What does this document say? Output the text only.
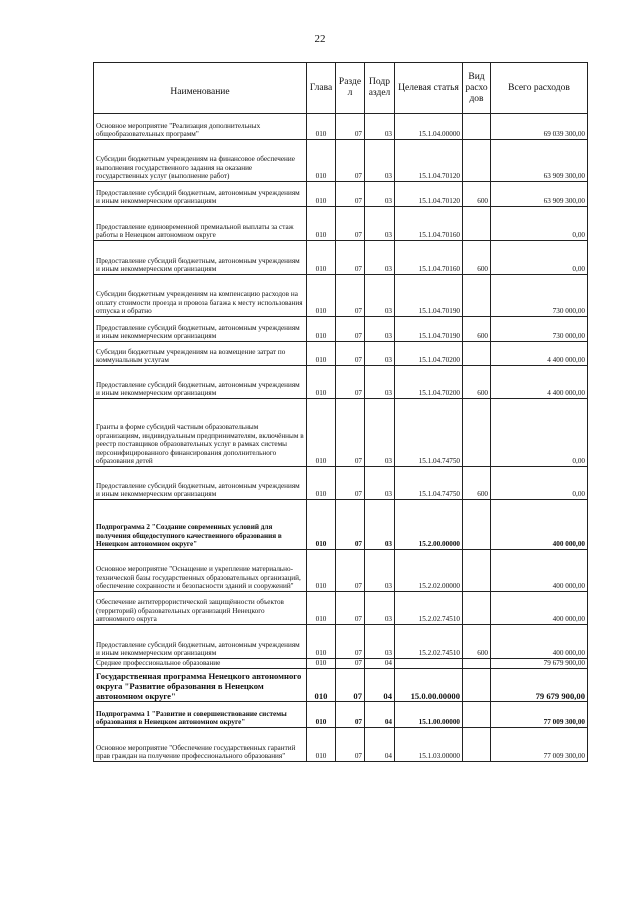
22
Наименование	Глава	Разде л	Подр аздел	Целевая статья	Вид расхо дов	Всего расходов
Основное мероприятие "Реализация дополнительных общеобразовательных программ"	010	07	03	15.1.04.00000		69 039 300,00
Субсидии бюджетным учреждениям на финансовое обеспечение выполнения государственного задания на оказание государственных услуг (выполнение работ)	010	07	03	15.1.04.70120		63 909 300,00
Предоставление субсидий бюджетным, автономным учреждениям и иным некоммерческим организациям	010	07	03	15.1.04.70120	600	63 909 300,00
Предоставление единовременной премиальной выплаты за стаж работы в Ненецком автономном округе	010	07	03	15.1.04.70160		0,00
Предоставление субсидий бюджетным, автономным учреждениям и иным некоммерческим организациям	010	07	03	15.1.04.70160	600	0,00
Субсидии бюджетным учреждениям на компенсацию расходов на оплату стоимости проезда и провоза багажа к месту использования отпуска и обратно	010	07	03	15.1.04.70190		730 000,00
Предоставление субсидий бюджетным, автономным учреждениям и иным некоммерческим организациям	010	07	03	15.1.04.70190	600	730 000,00
Субсидии бюджетным учреждениям на возмещение затрат по коммунальным услугам	010	07	03	15.1.04.70200		4 400 000,00
Предоставление субсидий бюджетным, автономным учреждениям и иным некоммерческим организациям	010	07	03	15.1.04.70200	600	4 400 000,00
Гранты в форме субсидий частным образовательным организациям, индивидуальным предпринимателям, включённым в реестр поставщиков образовательных услуг в рамках системы персонифицированного финансирования дополнительного образования детей	010	07	03	15.1.04.74750		0,00
Предоставление субсидий бюджетным, автономным учреждениям и иным некоммерческим организациям	010	07	03	15.1.04.74750	600	0,00
Подпрограмма 2 "Создание современных условий для получения общедоступного качественного образования в Ненецком автономном округе"	010	07	03	15.2.00.00000		400 000,00
Основное мероприятие "Оснащение и укрепление материально-технической базы государственных образовательных организаций, обеспечение сохранности и безопасности зданий и сооружений"	010	07	03	15.2.02.00000		400 000,00
Обеспечение антитеррористической защищённости объектов (территорий) образовательных организаций Ненецкого автономного округа	010	07	03	15.2.02.74510		400 000,00
Предоставление субсидий бюджетным, автономным учреждениям и иным некоммерческим организациям	010	07	03	15.2.02.74510	600	400 000,00
Среднее профессиональное образование	010	07	04			79 679 900,00
Государственная программа Ненецкого автономного округа "Развитие образования в Ненецком автономном округе"	010	07	04	15.0.00.00000		79 679 900,00
Подпрограмма 1 "Развитие и совершенствование системы образования в Ненецком автономном округе"	010	07	04	15.1.00.00000		77 009 300,00
Основное мероприятие "Обеспечение государственных гарантий прав граждан на получение профессионального образования"	010	07	04	15.1.03.00000		77 009 300,00
